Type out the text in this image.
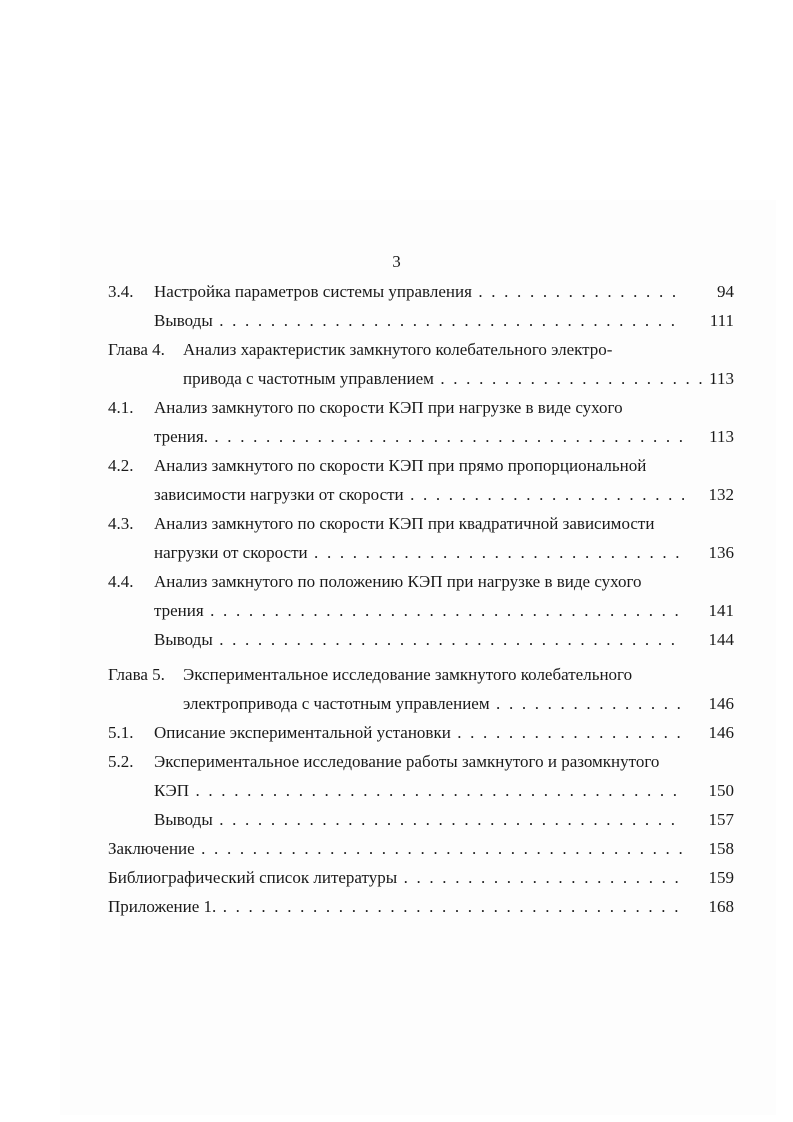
3
3.4. Настройка параметров системы управления . . .	94
Выводы . . .	111
Глава 4. Анализ характеристик замкнутого колебательного электро-
привода с частотным управлением . . .	113
4.1. Анализ замкнутого по скорости КЭП при нагрузке в виде сухого
трения. . . .	113
4.2. Анализ замкнутого по скорости КЭП при прямо пропорциональной
зависимости нагрузки от скорости . . .	132
4.3. Анализ замкнутого по скорости КЭП при квадратичной зависимости
нагрузки от скорости . . .	136
4.4. Анализ замкнутого по положению КЭП при нагрузке в виде сухого
трения . . .	141
Выводы . . .	144
Глава 5. Экспериментальное исследование замкнутого колебательного
электропривода с частотным управлением . . .	146
5.1. Описание экспериментальной установки . . .	146
5.2. Экспериментальное исследование работы замкнутого и разомкнутого
КЭП . . .	150
Выводы . . .	157
Заключение . . .	158
Библиографический список литературы . . .	159
Приложение 1. . . .	168
